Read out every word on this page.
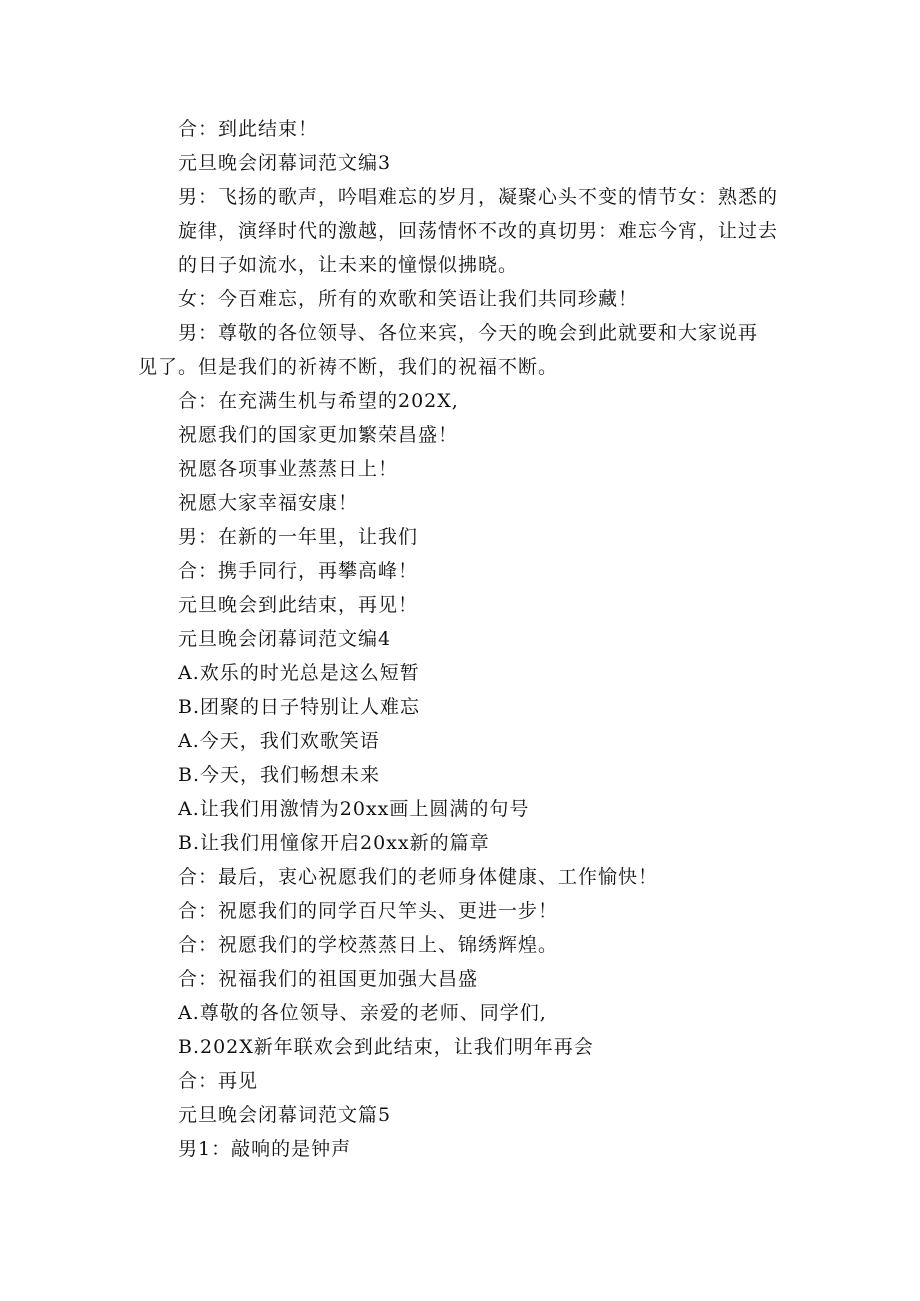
合：到此结束！
元旦晚会闭幕词范文编3
男：飞扬的歌声，吟唱难忘的岁月，凝聚心头不变的情节女：熟悉的
旋律，演绎时代的激越，回荡情怀不改的真切男：难忘今宵，让过去
的日子如流水，让未来的憧憬似拂晓。
女：今百难忘，所有的欢歌和笑语让我们共同珍藏！
男：尊敬的各位领导、各位来宾，今天的晚会到此就要和大家说再
见了。但是我们的祈祷不断，我们的祝福不断。
合：在充满生机与希望的202X,
祝愿我们的国家更加繁荣昌盛！
祝愿各项事业蒸蒸日上！
祝愿大家幸福安康！
男：在新的一年里，让我们
合：携手同行，再攀高峰！
元旦晚会到此结束，再见！
元旦晚会闭幕词范文编4
A.欢乐的时光总是这么短暂
B.团聚的日子特别让人难忘
A.今天，我们欢歌笑语
B.今天，我们畅想未来
A.让我们用激情为20xx画上圆满的句号
B.让我们用憧傢开启20xx新的篇章
合：最后，衷心祝愿我们的老师身体健康、工作愉快！
合：祝愿我们的同学百尺竿头、更进一步！
合：祝愿我们的学校蒸蒸日上、锦绣辉煌。
合：祝福我们的祖国更加强大昌盛
A.尊敬的各位领导、亲爱的老师、同学们,
B.202X新年联欢会到此结束，让我们明年再会
合：再见
元旦晚会闭幕词范文篇5
男1：敲响的是钟声
